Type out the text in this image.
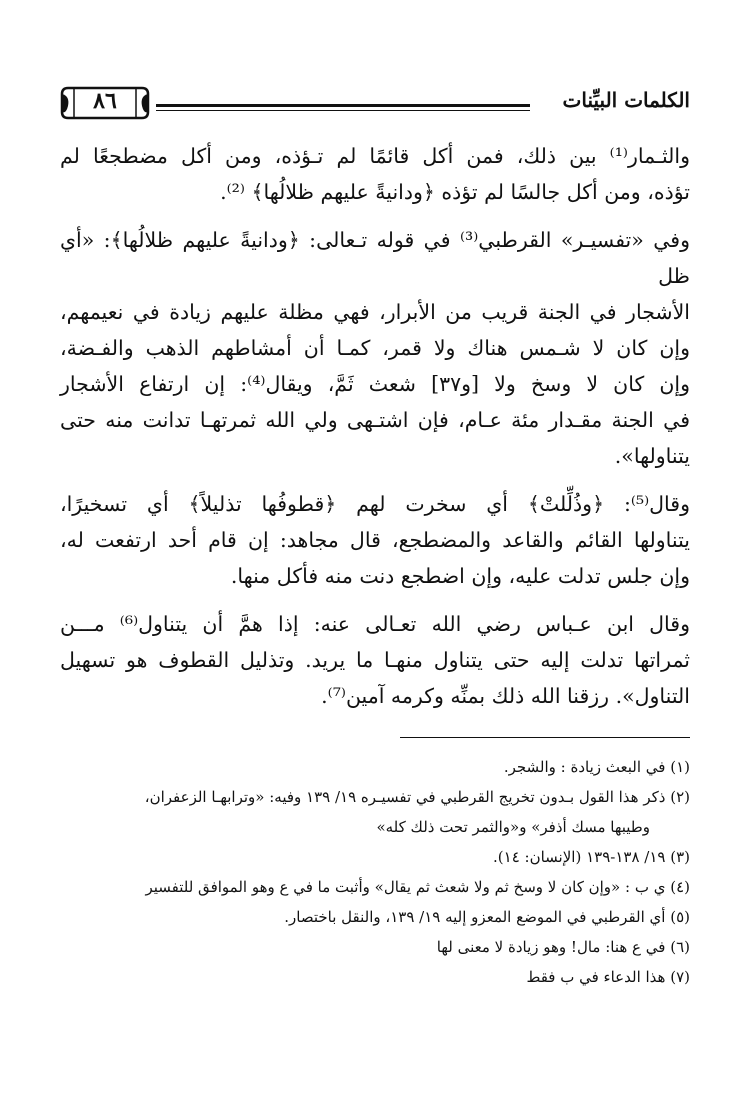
٨٦	الكلمات البيِّنات

والثـمار⁽¹⁾ بين ذلك، فمن أكل قائمًا لم تـؤذه، ومن أكل مضطجعًا لم
تؤذه، ومن أكل جالسًا لم تؤذه ﴿ودانيةً عليهم ظلالُها﴾ ⁽²⁾.

وفي «تفسيـر» القرطبي⁽³⁾ في قوله تـعالى: ﴿ودانيةً عليهم ظلالُها﴾: «أي ظل
الأشجار في الجنة قريب من الأبرار، فهي مظلة عليهم زيادة في نعيمهم،
وإن كان لا شـمس هناك ولا قمر، كمـا أن أمشاطهم الذهب والفـضة،
وإن كان لا وسخ ولا [و٣٧] شعث ثَمَّ، ويقال⁽⁴⁾: إن ارتفاع الأشجار
في الجنة مقـدار مئة عـام، فإن اشتـهى ولي الله ثمرتهـا تدانت منه حتى
يتناولها».

وقال⁽⁵⁾: ﴿وذُلِّلتْ﴾ أي سخرت لهم ﴿قطوفُها تذليلاً﴾ أي تسخيرًا،
يتناولها القائم والقاعد والمضطجع، قال مجاهد: إن قام أحد ارتفعت له،
وإن جلس تدلت عليه، وإن اضطجع دنت منه فأكل منها.

وقال ابن عـباس رضي الله تعـالى عنه: إذا همَّ أن يتناول⁽⁶⁾ مـــن
ثمراتها تدلت إليه حتى يتناول منهـا ما يريد. وتذليل القطوف هو تسهيل
التناول». رزقنا الله ذلك بمنِّه وكرمه آمين⁽⁷⁾.

(١) في البعث زيادة : والشجر.
(٢) ذكر هذا القول بـدون تخريج القرطبي في تفسيـره ١٩/ ١٣٩ وفيه: «وترابهـا الزعفران،
وطيبها مسك أذفر» و«والثمر تحت ذلك كله»
(٣) ١٩/ ١٣٨-١٣٩ (الإنسان: ١٤).
(٤) ي ب : «وإن كان لا وسخ ثم ولا شعث ثم يقال» وأثبت ما في ع وهو الموافق للتفسير
(٥) أي القرطبي في الموضع المعزو إليه ١٩/ ١٣٩، والنقل باختصار.
(٦) في ع هنا: مال! وهو زيادة لا معنى لها
(٧) هذا الدعاء في ب فقط
